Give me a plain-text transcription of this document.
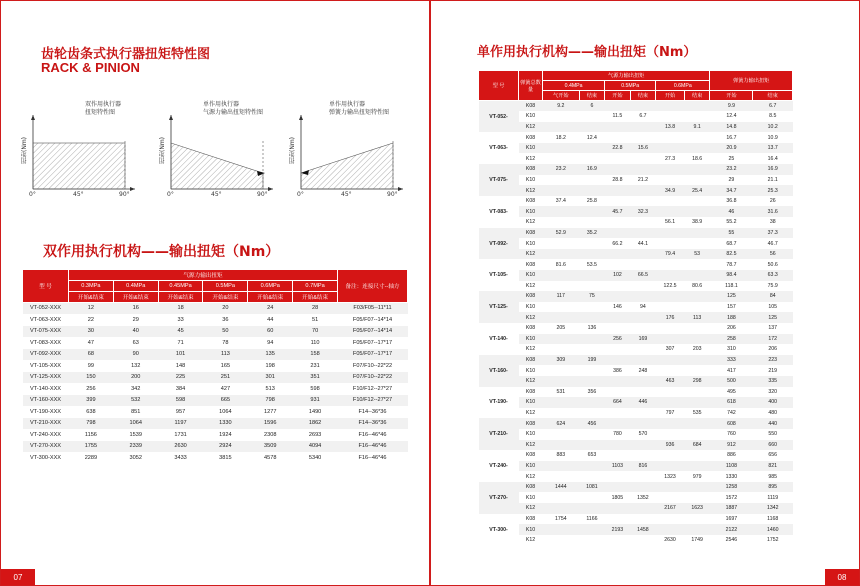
齿轮齿条式执行器扭矩特性图
RACK & PINION
双作用执行器
扭矩特性图
扭矩(Nm)
0°	45°	90°
单作用执行器
气源力输出扭矩特性图
扭矩(Nm)
0°	45°	90°
单作用执行器
弹簧力输出扭矩特性图
扭矩(Nm)
0°	45°	90°
双作用执行机构——输出扭矩（Nm）
型 号	气源力输出扭矩						备注：连接尺寸--轴方
	0.3MPa	0.4MPa	0.45MPa	0.5MPa	0.6MPa	0.7MPa	
	开始&结束	开始&结束	开始&结束	开始&结束	开始&结束	开始&结束	
VT-052-XXX	12	16	18	20	24	28	F03/F05--11*11
VT-063-XXX	22	29	33	36	44	51	F05/F07--14*14
VT-075-XXX	30	40	45	50	60	70	F05/F07--14*14
VT-083-XXX	47	63	71	78	94	110	F05/F07--17*17
VT-092-XXX	68	90	101	113	135	158	F05/F07--17*17
VT-105-XXX	99	132	148	165	198	231	F07/F10--22*22
VT-125-XXX	150	200	225	251	301	351	F07/F10--22*22
VT-140-XXX	256	342	384	427	513	598	F10/F12--27*27
VT-160-XXX	399	532	598	665	798	931	F10/F12--27*27
VT-190-XXX	638	851	957	1064	1277	1490	F14--36*36
VT-210-XXX	798	1064	1197	1330	1596	1862	F14--36*36
VT-240-XXX	1156	1539	1731	1924	2308	2693	F16--46*46
VT-270-XXX	1755	2339	2630	2924	3509	4094	F16--46*46
VT-300-XXX	2289	3052	3433	3815	4578	5340	F16--46*46
07
单作用执行机构——输出扭矩（Nm）
型 号	弹簧总数量	气源力输出扭矩						弹簧力输出扭矩	
		0.4MPa		0.5MPa		0.6MPa			
		气开始	结束	开始	结束	开始	结束	开始	结束
VT-052-	K08	9.2	6					9.9	6.7
	K10			11.5	6.7			12.4	8.5
	K12					13.8	9.1	14.8	10.2
VT-063-	K08	18.2	12.4					16.7	10.9
	K10			22.8	15.6			20.9	13.7
	K12					27.3	18.6	25	16.4
VT-075-	K08	23.2	16.9					23.2	16.9
	K10			28.8	21.2			29	21.1
	K12					34.9	25.4	34.7	25.3
VT-083-	K08	37.4	25.8					36.8	26
	K10			45.7	32.3			46	31.6
	K12					56.1	38.9	55.2	38
VT-092-	K08	52.9	35.2					55	37.3
	K10			66.2	44.1			68.7	46.7
	K12					79.4	53	82.5	56
VT-105-	K08	81.6	53.5					78.7	50.6
	K10			102	66.5			98.4	63.3
	K12					122.5	80.6	118.1	75.9
VT-125-	K08	117	75					125	84
	K10			146	94			157	105
	K12					176	113	188	125
VT-140-	K08	205	136					206	137
	K10			256	169			258	172
	K12					307	203	310	206
VT-160-	K08	309	199					333	223
	K10			386	248			417	219
	K12					463	298	500	335
VT-190-	K08	531	356					495	320
	K10			664	446			618	400
	K12					797	535	742	480
VT-210-	K08	624	456					608	440
	K10			780	570			760	550
	K12					936	684	912	660
VT-240-	K08	883	653					886	656
	K10			1103	816			1108	821
	K12					1323	979	1330	985
VT-270-	K08	1444	1081					1258	895
	K10			1805	1352			1572	1119
	K12					2167	1623	1887	1342
VT-300-	K08	1754	1166					1697	1168
	K10			2193	1458			2122	1460
	K12					2630	1749	2546	1752
08
